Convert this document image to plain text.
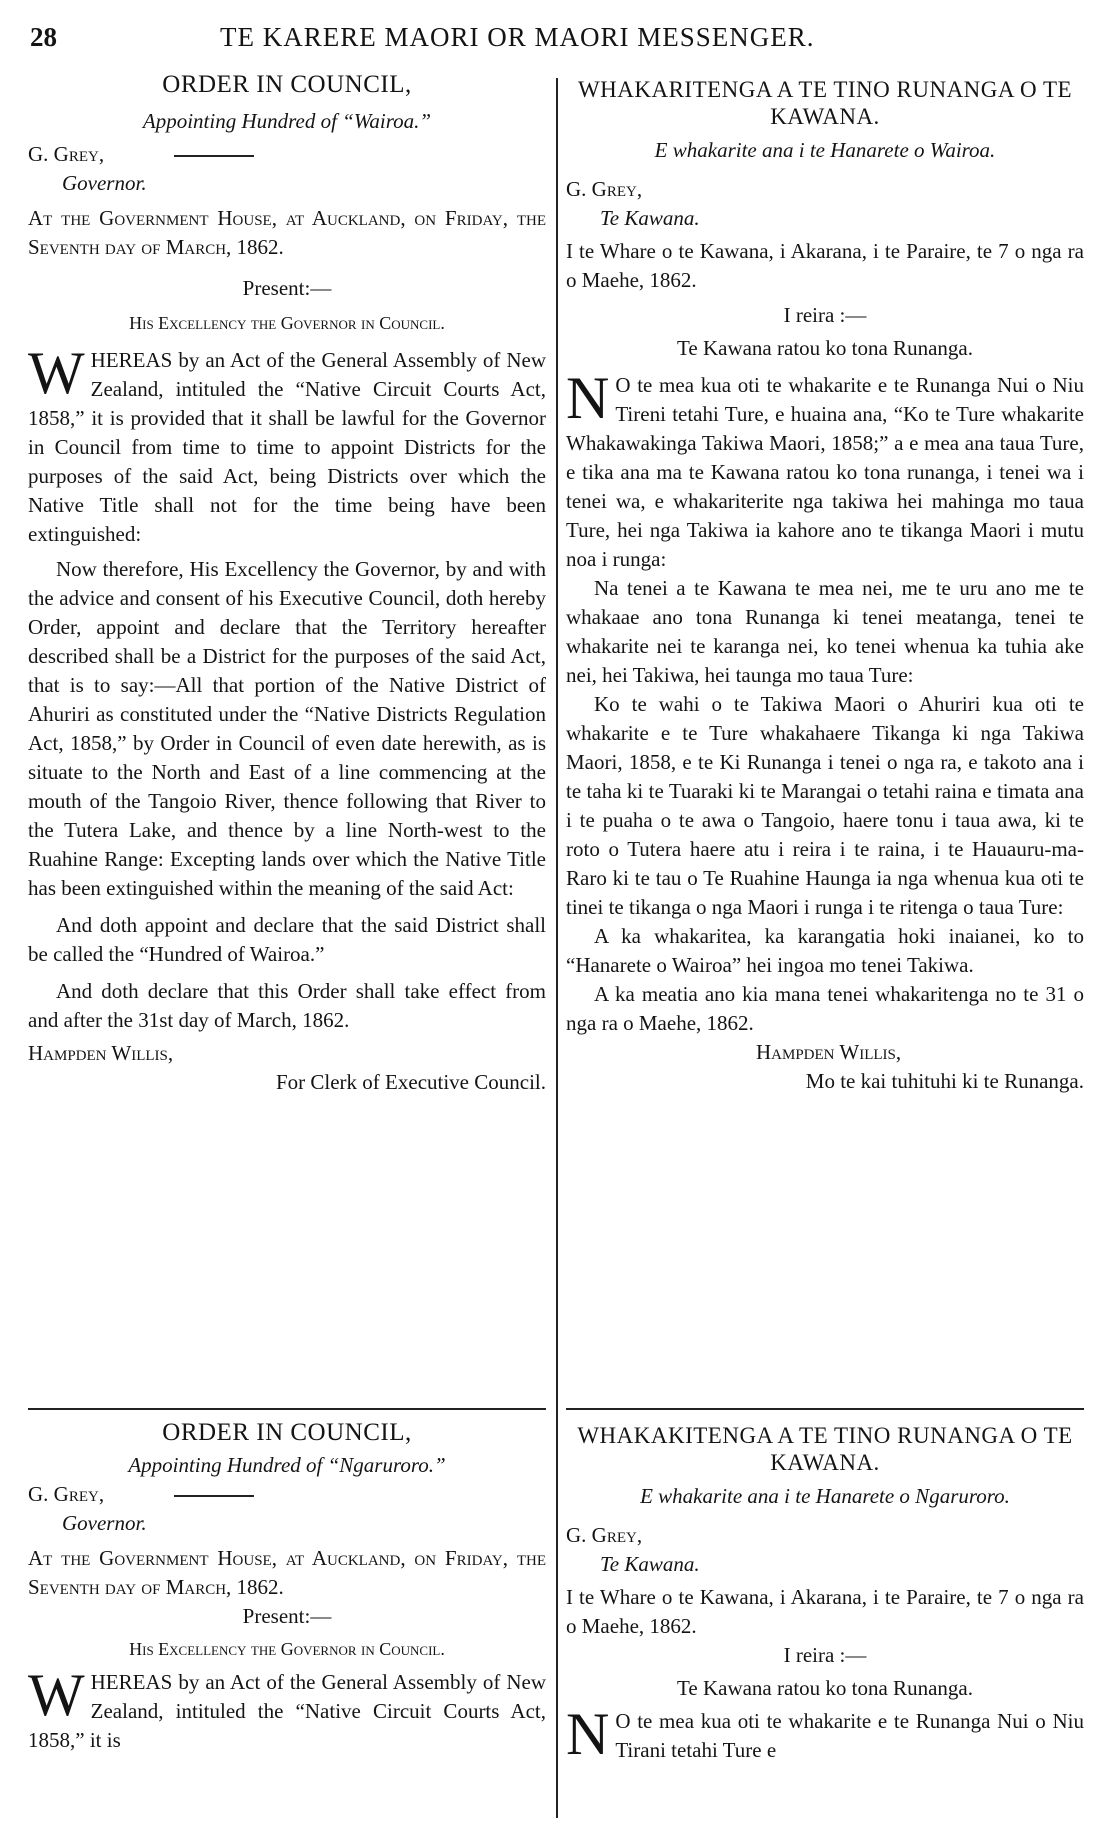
28	TE KARERE MAORI OR MAORI MESSENGER.

ORDER IN COUNCIL,

Appointing Hundred of “Wairoa.”

G. Grey,

Governor.

At the Government House, at Auckland, on Friday, the Seventh day of March, 1862.

Present:—

His Excellency the Governor in Council.

WHEREAS by an Act of the General Assembly of New Zealand, intituled the “Native Circuit Courts Act, 1858,” it is provided that it shall be lawful for the Governor in Council from time to time to appoint Districts for the purposes of the said Act, being Districts over which the Native Title shall not for the time being have been extinguished:

Now therefore, His Excellency the Governor, by and with the advice and consent of his Executive Council, doth hereby Order, appoint and declare that the Territory hereafter described shall be a District for the purposes of the said Act, that is to say:—All that portion of the Native District of Ahuriri as constituted under the “Native Districts Regulation Act, 1858,” by Order in Council of even date herewith, as is situate to the North and East of a line commencing at the mouth of the Tangoio River, thence following that River to the Tutera Lake, and thence by a line North-west to the Ruahine Range: Excepting lands over which the Native Title has been extinguished within the meaning of the said Act:

And doth appoint and declare that the said District shall be called the “Hundred of Wairoa.”

And doth declare that this Order shall take effect from and after the 31st day of March, 1862.

Hampden Willis,

For Clerk of Executive Council.

WHAKARITENGA A TE TINO RUNANGA O TE KAWANA.

E whakarite ana i te Hanarete o Wairoa.

G. Grey,

Te Kawana.

I te Whare o te Kawana, i Akarana, i te Paraire, te 7 o nga ra o Maehe, 1862.

I reira :—

Te Kawana ratou ko tona Runanga.

N O te mea kua oti te whakarite e te Runanga Nui o Niu Tireni tetahi Ture, e huaina ana, “Ko te Ture whakarite Whakawakinga Takiwa Maori, 1858;” a e mea ana taua Ture, e tika ana ma te Kawana ratou ko tona runanga, i tenei wa i tenei wa, e whakariterite nga takiwa hei mahinga mo taua Ture, hei nga Takiwa ia kahore ano te tikanga Maori i mutu noa i runga:

Na tenei a te Kawana te mea nei, me te uru ano me te whakaae ano tona Runanga ki tenei meatanga, tenei te whakarite nei te karanga nei, ko tenei whenua ka tuhia ake nei, hei Takiwa, hei taunga mo taua Ture:

Ko te wahi o te Takiwa Maori o Ahuriri kua oti te whakarite e te Ture whakahaere Tikanga ki nga Takiwa Maori, 1858, e te Ki Runanga i tenei o nga ra, e takoto ana i te taha ki te Tuaraki ki te Marangai o tetahi raina e timata ana i te puaha o te awa o Tangoio, haere tonu i taua awa, ki te roto o Tutera haere atu i reira i te raina, i te Hauauru-ma-Raro ki te tau o Te Ruahine Haunga ia nga whenua kua oti te tinei te tikanga o nga Maori i runga i te ritenga o taua Ture:

A ka whakaritea, ka karangatia hoki inaianei, ko to “Hanarete o Wairoa” hei ingoa mo tenei Takiwa.

A ka meatia ano kia mana tenei whakaritenga no te 31 o nga ra o Maehe, 1862.

Hampden Willis,

Mo te kai tuhituhi ki te Runanga.

ORDER IN COUNCIL,

Appointing Hundred of “Ngaruroro.”

G. Grey,

Governor.

At the Government House, at Auckland, on Friday, the Seventh day of March, 1862.

Present:—

His Excellency the Governor in Council.

WHEREAS by an Act of the General Assembly of New Zealand, intituled the “Native Circuit Courts Act, 1858,” it is

WHAKAKITENGA A TE TINO RUNANGA O TE KAWANA.

E whakarite ana i te Hanarete o Ngaruroro.

G. Grey,

Te Kawana.

I te Whare o te Kawana, i Akarana, i te Paraire, te 7 o nga ra o Maehe, 1862.

I reira :—

Te Kawana ratou ko tona Runanga.

N O te mea kua oti te whakarite e te Runanga Nui o Niu Tirani tetahi Ture e
